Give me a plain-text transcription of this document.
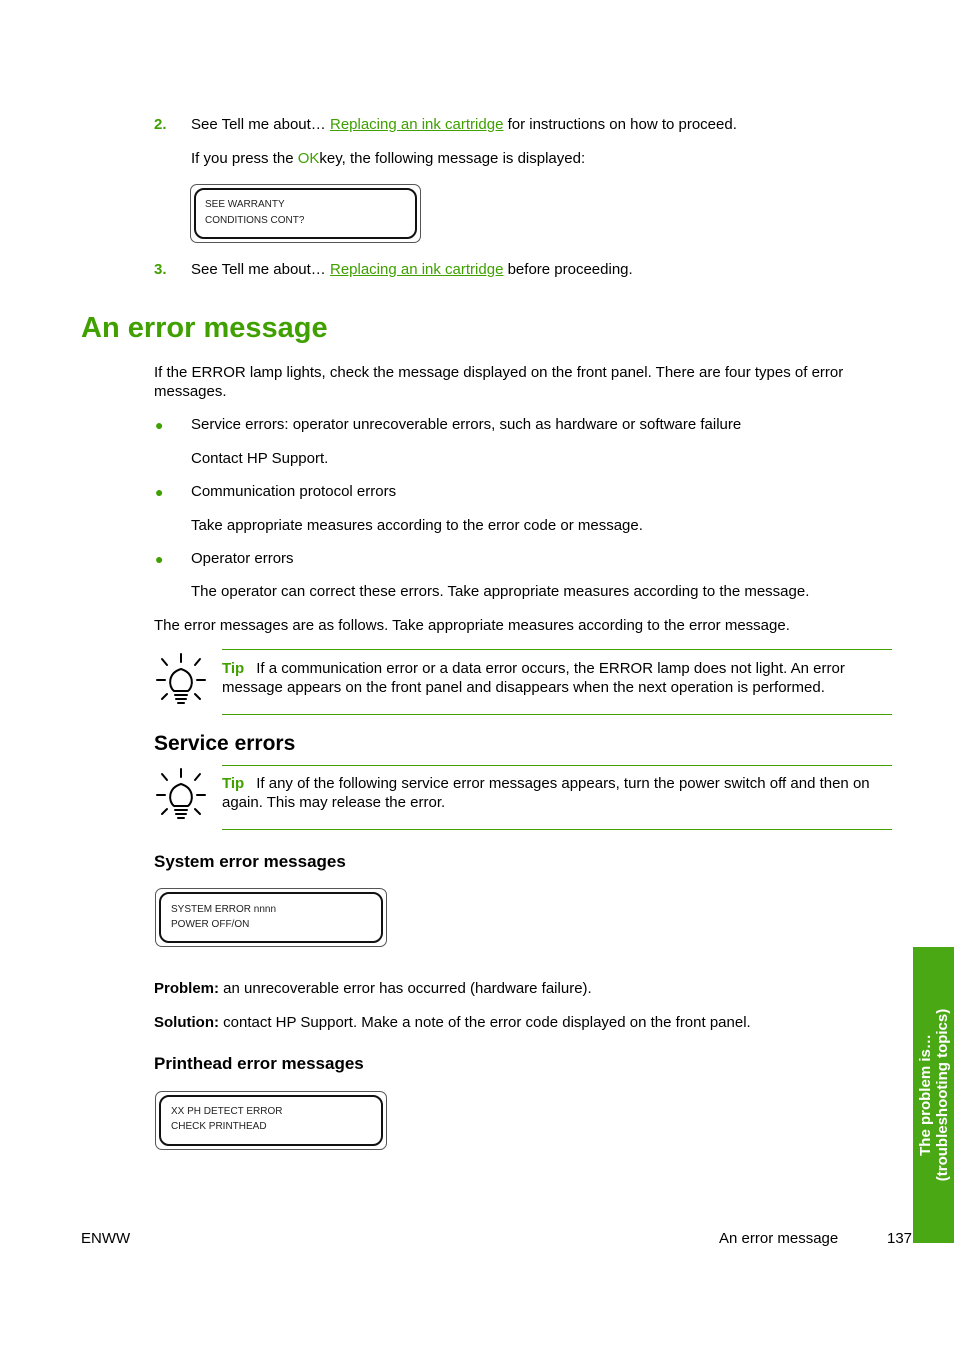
2. See Tell me about… Replacing an ink cartridge for instructions on how to proceed.
If you press the OKkey, the following message is displayed:
SEE WARRANTY
CONDITIONS CONT?
3. See Tell me about… Replacing an ink cartridge before proceeding.
An error message
If the ERROR lamp lights, check the message displayed on the front panel. There are four types of error messages.
● Service errors: operator unrecoverable errors, such as hardware or software failure
Contact HP Support.
● Communication protocol errors
Take appropriate measures according to the error code or message.
● Operator errors
The operator can correct these errors. Take appropriate measures according to the message.
The error messages are as follows. Take appropriate measures according to the error message.
Tip If a communication error or a data error occurs, the ERROR lamp does not light. An error message appears on the front panel and disappears when the next operation is performed.
Service errors
Tip If any of the following service error messages appears, turn the power switch off and then on again. This may release the error.
System error messages
SYSTEM ERROR nnnn
POWER OFF/ON
Problem: an unrecoverable error has occurred (hardware failure).
Solution: contact HP Support. Make a note of the error code displayed on the front panel.
Printhead error messages
XX PH DETECT ERROR
CHECK PRINTHEAD	The problem is… (troubleshooting topics)
ENWW	An error message	137
